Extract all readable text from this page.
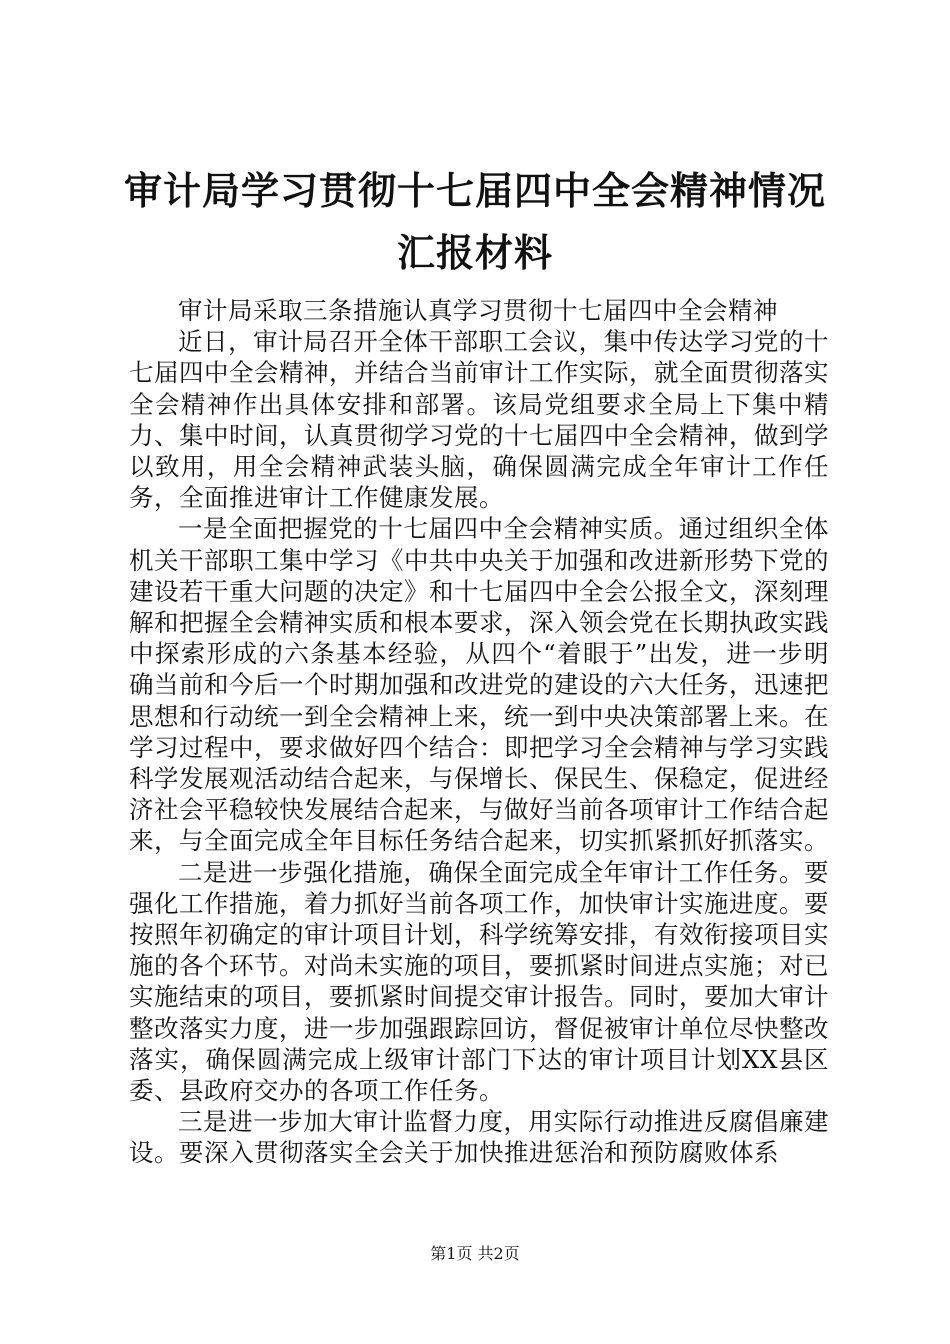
审计局学习贯彻十七届四中全会精神情况汇报材料

审计局采取三条措施认真学习贯彻十七届四中全会精神

近日，审计局召开全体干部职工会议，集中传达学习党的十七届四中全会精神，并结合当前审计工作实际，就全面贯彻落实全会精神作出具体安排和部署。该局党组要求全局上下集中精力、集中时间，认真贯彻学习党的十七届四中全会精神，做到学以致用，用全会精神武装头脑，确保圆满完成全年审计工作任务，全面推进审计工作健康发展。

一是全面把握党的十七届四中全会精神实质。通过组织全体机关干部职工集中学习《中共中央关于加强和改进新形势下党的建设若干重大问题的决定》和十七届四中全会公报全文，深刻理解和把握全会精神实质和根本要求，深入领会党在长期执政实践中探索形成的六条基本经验，从四个“着眼于”出发，进一步明确当前和今后一个时期加强和改进党的建设的六大任务，迅速把思想和行动统一到全会精神上来，统一到中央决策部署上来。在学习过程中，要求做好四个结合：即把学习全会精神与学习实践科学发展观活动结合起来，与保增长、保民生、保稳定，促进经济社会平稳较快发展结合起来，与做好当前各项审计工作结合起来，与全面完成全年目标任务结合起来，切实抓紧抓好抓落实。

二是进一步强化措施，确保全面完成全年审计工作任务。要强化工作措施，着力抓好当前各项工作，加快审计实施进度。要按照年初确定的审计项目计划，科学统筹安排，有效衔接项目实施的各个环节。对尚未实施的项目，要抓紧时间进点实施；对已实施结束的项目，要抓紧时间提交审计报告。同时，要加大审计整改落实力度，进一步加强跟踪回访，督促被审计单位尽快整改落实，确保圆满完成上级审计部门下达的审计项目计划XX县区委、县政府交办的各项工作任务。

三是进一步加大审计监督力度，用实际行动推进反腐倡廉建设。要深入贯彻落实全会关于加快推进惩治和预防腐败体系

第1页 共2页
